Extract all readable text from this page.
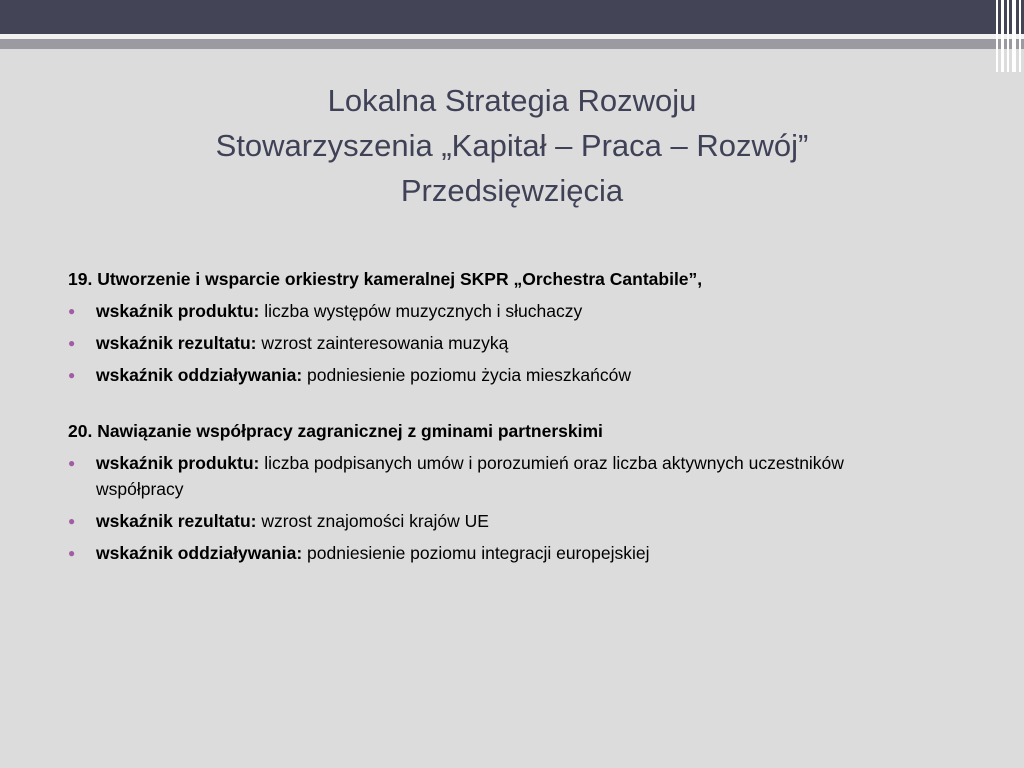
Lokalna Strategia Rozwoju
Stowarzyszenia „Kapitał – Praca – Rozwój”
Przedsięwzięcia

19. Utworzenie i wsparcie orkiestry kameralnej SKPR „Orchestra Cantabile”,

● wskaźnik produktu: liczba występów muzycznych i słuchaczy
● wskaźnik rezultatu: wzrost zainteresowania muzyką
● wskaźnik oddziaływania: podniesienie poziomu życia mieszkańców

20. Nawiązanie współpracy zagranicznej z gminami partnerskimi

● wskaźnik produktu: liczba podpisanych umów i porozumień oraz liczba aktywnych uczestników współpracy
● wskaźnik rezultatu: wzrost znajomości krajów UE
● wskaźnik oddziaływania: podniesienie poziomu integracji europejskiej
